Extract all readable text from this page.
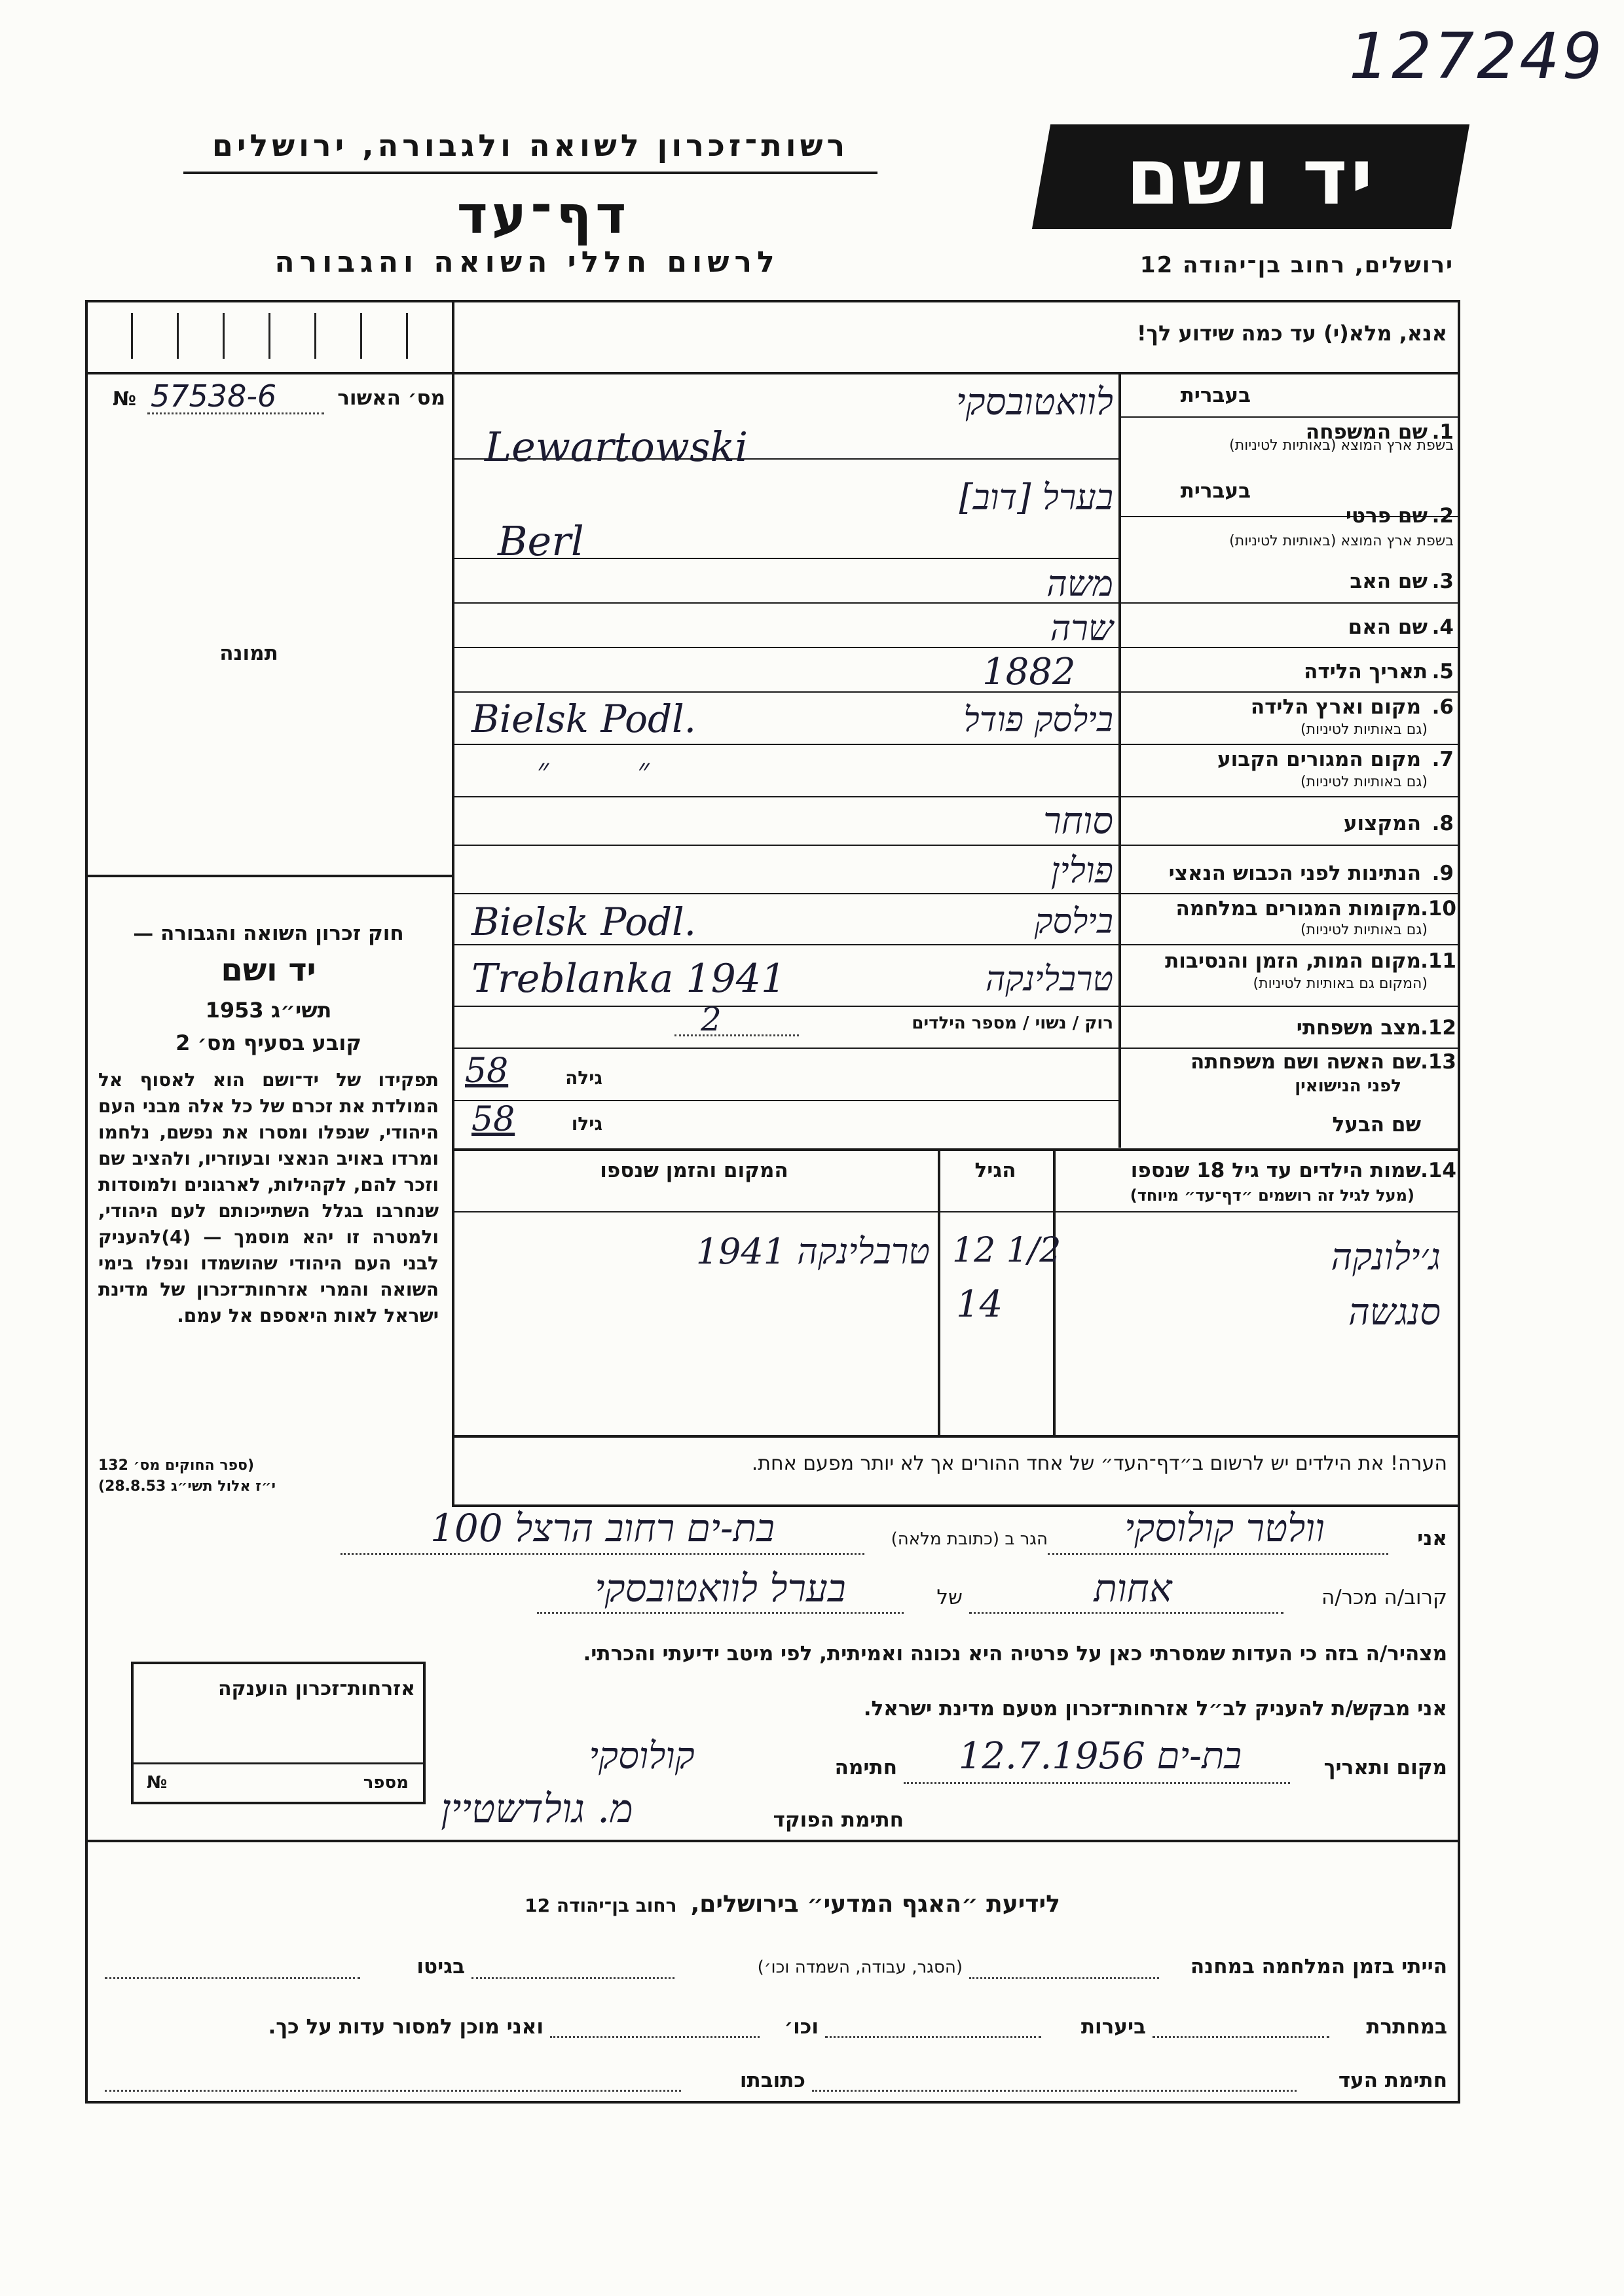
127249
רשות־זכרון לשואה ולגבורה, ירושלים
דף־עד
לרשום חללי השואה והגבורה
יד ושם
ירושלים, רחוב בן־יהודה 12
אנא, מלא(י) עד כמה שידוע לך!
№ 57538-6	מס׳ האשור
תמונה
בעברית
שם המשפחה 1.
בשפת ארץ המוצא (באותיות לטיניות)
לוואטובסקי
Lewartowski
בעברית
שם פרטי 2.
בשפת ארץ המוצא (באותיות לטיניות)
בערל [דוב]
Berl
שם האב 3.
משה
שם האם 4.
שרה
תאריך הלידה 5.
1882
מקום וארץ הלידה 6.
(גם באותיות לטיניות)
בילסק פודל
Bielsk Podl.
מקום המגורים הקבוע 7.
(גם באותיות לטיניות)
״ ״
המקצוע 8.
סוחר
הנתינות לפני הכבוש הנאצי 9.
פולין
מקומות המגורים במלחמה 10.
(גם באותיות לטיניות)
בילסק
Bielsk Podl.
מקום המות, הזמן והנסיבות 11.
(המקום גם באותיות לטיניות)
טרבלינקה
Treblanka 1941
מצב משפחתי 12.
רוק / נשוי / מספר הילדים
2
שם האשה ושם משפחתה 13.
לפני הנישואין
גילה
58
שם הבעל
גילו
58
שמות הילדים עד גיל 18 שנספו 14.
(מעל לגיל זה רושמים ״דף־עד״ מיוחד)
הגיל
המקום והזמן שנספו
ג׳ילונקה
12 1/2
טרבלינקה 1941
סנגשה
14
הערה! את הילדים יש לרשום ב״דף־העד״ של אחד ההורים אך לא יותר מפעם אחת.
חוק זכרון השואה והגבורה —
יד ושם
תשי״ג 1953
קובע בסעיף מס׳ 2
תפקידו של יד־ושם הוא לאסוף אל המולדת את זכרם של כל אלה מבני העם היהודי, שנפלו ומסרו את נפשם, נלחמו ומרדו באויב הנאצי ובעוזריו, ולהציב שם וזכר להם, לקהילות, לארגונים ולמוסדות שנחרבו בגלל השתייכותם לעם היהודי, ולמטרה זו יהא מוסמך — (4)להעניק לבני העם היהודי שהושמדו ונפלו בימי השואה והמרי אזרחות־זכרון של מדינת ישראל לאות היאספם אל עמם.
(ספר החוקים מס׳ 132
י״ז אלול תשי״ג 28.8.53)
אני
וולטר קולוסקי
הגר ב (כתובת מלאה)
בת-ים רחוב הרצל 100
קרוב/ה מכר/ה
אחות
של
בערל לוואטובסקי
מצהיר/ה בזה כי העדות שמסרתי כאן על פרטיה היא נכונה ואמיתית, לפי מיטב ידיעתי והכרתי.
אני מבקש/ת להעניק לב״ל אזרחות־זכרון מטעם מדינת ישראל.
מקום ותאריך
בת-ים 12.7.1956
חתימה
קולוסקי
חתימת הפוקד
מ. גולדשטיין
אזרחות־זכרון הוענקה
№	מספר
לידיעת ״האגף המדעי״ בירושלים, רחוב בן־יהודה 12
הייתי בזמן המלחמה במחנה
(הסגר, עבודה, השמדה וכו׳)
בגיטו
במחתרת
ביערות
וכו׳
ואני מוכן למסור עדות על כך.
חתימת העד
כתובתו
